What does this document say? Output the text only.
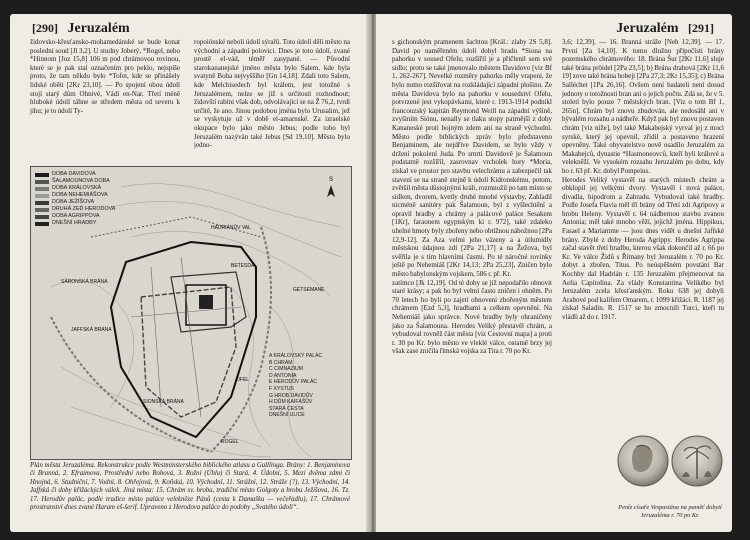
[290] Jeruzalém

židovsko-křesťansko-mohamedánské se bude konat poslední soud [Jl 3,2]. U studny Joberý, *Rogel, nebo *Hinnom [Joz 15,8] 106 m pod chrámovou rovinou, které se je pak stal označením pro peklo, nejspíše proto, že tam někdo bylo *Tofet, kde se přinášely lidské oběti [2Kr 23,10]. — Po spojení obou údolí stojí starý dům Ohnivé, Vádí en-Nar. Třetí méně hluboké údolí táhne se středem města od severu k jihu; je to údolí Ty-

ropoiónské neboli údolí sýrařů. Toto údolí dělí město na východní a západní polovici. Dnes je toto údolí, zvané prostě el-vád, téměř zasypané. — Původní starokananejské jméno města bylo Salem, kde byla svatyně Boha nejvyššího [Gn 14,18]. Zdali toto Salem, kde Melchisedech byl králem, jest totožné s Jeruzalémem, nelze se již s určitostí rozhodnout; židovští rabíni však dob, odvolávající se na Ž 76,2, tvrdí určitě, že ano. Jinou podobou jména bylo Urusalim, jež se vyskytuje už v době el-amarnské. Za izraelské okupace bylo jako město Jebus; podle toho byl Jeruzalém nazýván také Jebus [Sd 19,10]. Město bylo jedno-

S
DOBA DAVIDOVA
ŠALAMOUNOVA DOBA
DOBA KRÁLOVSKÁ
DOBA NEHEMIÁŠOVA
DOBA JEŽÍŠOVA
DRUHÁ ZEĎ HERODOVA
DOBA AGRIPPOVA
DNEŠNÍ HRADBY
A KRÁLOVSKÝ PALÁC
B CHRÁM
C CIMNAZIUM
D ANTONIA
E HERODŮV PALÁC
F XYSTUS
G HROB DAVIDŮV
H DŮM KAIFÁŠŮV
STARÁ CESTA
DNEŠNÍ ULICE
HADRIÁNŮV VAL
GETSEMANE
ROGEL
SIONSKÁ BRÁNA
OFEL
SÁRONSKÁ BRÁNA
BETESDA
JAFFSKÁ BRÁNA
Plán města Jeruzaléma. Rekonstrukce podle Westminsterského biblického atlasu a Galllinga. Brány: 1. Benjaminova či Branná, 2. Efraimova, Prostřední nebo Rohová, 3. Rožní (Úhlu) či Stará, 4. Údolní, 5. Mezi dvěma zdmi či Hnojná, 6. Studniční, 7. Vodní, 8. Ohřejová, 9. Koňská, 10. Východní, 11. Strážní, 12. Stráže (?), 13. Východní, 14. Jaffská či doby křižáckých válek. Jiná místa: 15. Chrám sv. hrobu, tradiční místo Golgoty a hrobu Ježíšova, 16. Tz. 17. Herodův palác, podle tradice místo paláce velekněze Pánů (cesta k Damašku — večeřadlu), 17. Chrámové prostranství dnes zvané Haram eš-šerif. Upraveno z Herodova paláce do podoby „Svatého údolí“.
Jeruzalém [291]

s gichonským pramenem šachtou [Král.: zlaby 2S 5,8]. David po naměřeném údolí dobyl hradu *Siona na pahorku v soused Ofelu, rozšířil je a přičlenil sem své sídlo; proto se také jmenovalo městem Davidovo [viz Bf 1, 262-267]. Nevelké rozměry pahorku měly vrapeni, že bylo nutno rozšiřovat na rozkládající západní plošinu. Ze města Davidova bylo na pahorku v sousedství Ofelu, potvrzené jest vykopávkami, které r. 1913-1914 podnikl francouzský kapitán Reymond Weill na západní výšině, zvyšiním Siónu, nenally se tlaku stopy patrnější z doby Kananeské proti bojným zdem ani na straně východní. Město podle biblických zpráv bylo představeno Benjaminem, ale nejdříve Davidem, se bylo vždy v držení pokolení Juda. Po smrti Davidově je Šalamoun podstatně rozšířil, zasrovnav vrcholek hory *Moria, získal ve prostor pro stavbu velechrámu a zabezpečil tak stavení se na straně stejně k údolí Kidronskému, potom, zvětšil města důstojnými králi, rozmnožil po tam místo se sídlem, dvorem, kvetly druhé mnohé výstavby, Zahladil nicméně sanitéry pak Šalamoun, byl z vyšlechtění a opravil hradby a chrámy a palácové paláce Sesakem [1Kr], faraonem egyptským ki r. 972], také zdaleko uhelné hmoty byly zbořeny nebo obtížnou nábožnou [2Pa 12,9-12]. Za Aza velmi jeho vázeny a a útlumidly městskou údajnou zdí [2Pa 21,17] a na Žežova, byl svěřila je s tím hlavními časmi. Po té náročné rovinky ještě po Nehemiáš [2Kr 14,13; 2Pa 25,23], Zničen bylo město babylonským vojskem, 586 r. př. Kr.

zatímco [Jk 12,19]. Od té doby se již nepodařilo obnovit staré krásy; a pak ho byl velmi často zničen i ohněm. Po 70 letech ho byli po zajetí obnoveni zbořeným městem chrámem [Ezd 5,3], hradbami a celkem opevnění. Na Nehemiáš jako správce. Nové hradby byly ohraničeny jako za Šalamouna. Herodes Veliký přestavěl chrám, a vybudoval rovněž část města [viz Cestovní mapa] a proti r. 30 po Kr. bylo město ve vleklé válce, ostatně brzy jej však zase zničila římská vojska za Tita r. 70 po Kr.

3,6; 12,39]. — 16. Branná stráže [Neh 12,39]. — 17. První [Za 14,10]. K tomu dlužno připočísti brány pozemského chrámového: 18. Brána Šur [2Kr 11,6] sluje také brána pröidel [2Pa 23,5]; b) Brána drahová [2Kr 11,6 19] zove také brána hobeji [2Pa 27,3; 2Kr 15,35]; c) Brána Salléchet [1Pa 26,16]. Ovšem není badateli není dosud jednoty o totožnosti bran ani o jejich počtu. Zdá se, že v 5. století bylo pouze 7 městských bran. [Viz o tom Bf 1, 265n]. Chrám byl znovu zbudován, ale nedosáhl ani v bývalém rozsahu a nádheře. Když pak byl znovu postaven chrám [viz níže], byl také Makabejský vyrval jej z moci syrské, který jej opevnil, zřídil a postaveno hrazení opevněny. Také obyvatelstvo nově osadilo Jeruzalém za Makabejců, dynastie *Hasmoneovců, kteří byli králové a velekněží. Ve vysokém rozsahu Jeruzalém po dobu, kdy ho r. 63 př. Kr. dobyl Pompeius.

Herodes Veliký vystavěl na starých místech chrám a obklopil jej velkými dvory. Vystavěl i nová paláce, divadla, hipodrom a Zahradu. Vybudoval také hradby. Podle Josefa Flavia měl tří brány od Třetí zdi Agripovy a hrobu Heleny. Vystavěl r. 64 nádhernou stavbu zvanou Antonia; měl také mnoho věží, jejichž jména. Hippikus, Fasael a Mariamme — jsou dnes vidět u dnešní Jaffské brány. Zbylé z doby Heroda Agrippy. Herodes Agrippa začal stavět třetí hradbu, kterou však dokončil až r. 66 po Kr. Ve válce Židů s Římany byl Jeruzalém r. 70 po Kr. dobyt a zbořen, Titus. Po neúspěšném povstání Bar Kochby dal Hadrián r. 135 Jeruzalém přejmenovat na Aelia Capitolina. Za vlády Konstantina Velikého byl Jeruzalém zcela křesťanským. Roku 638 jej dobyli Arabové pod kalifem Omarem, r. 1099 křižáci. R. 1187 jej získal Saladin. R. 1517 se ho zmocnili Turci, kteří tu vládli až do r. 1917.

Peníz císaře Vespasiána na paměť dobytí Jeruzaléma r. 70 po Kr.
